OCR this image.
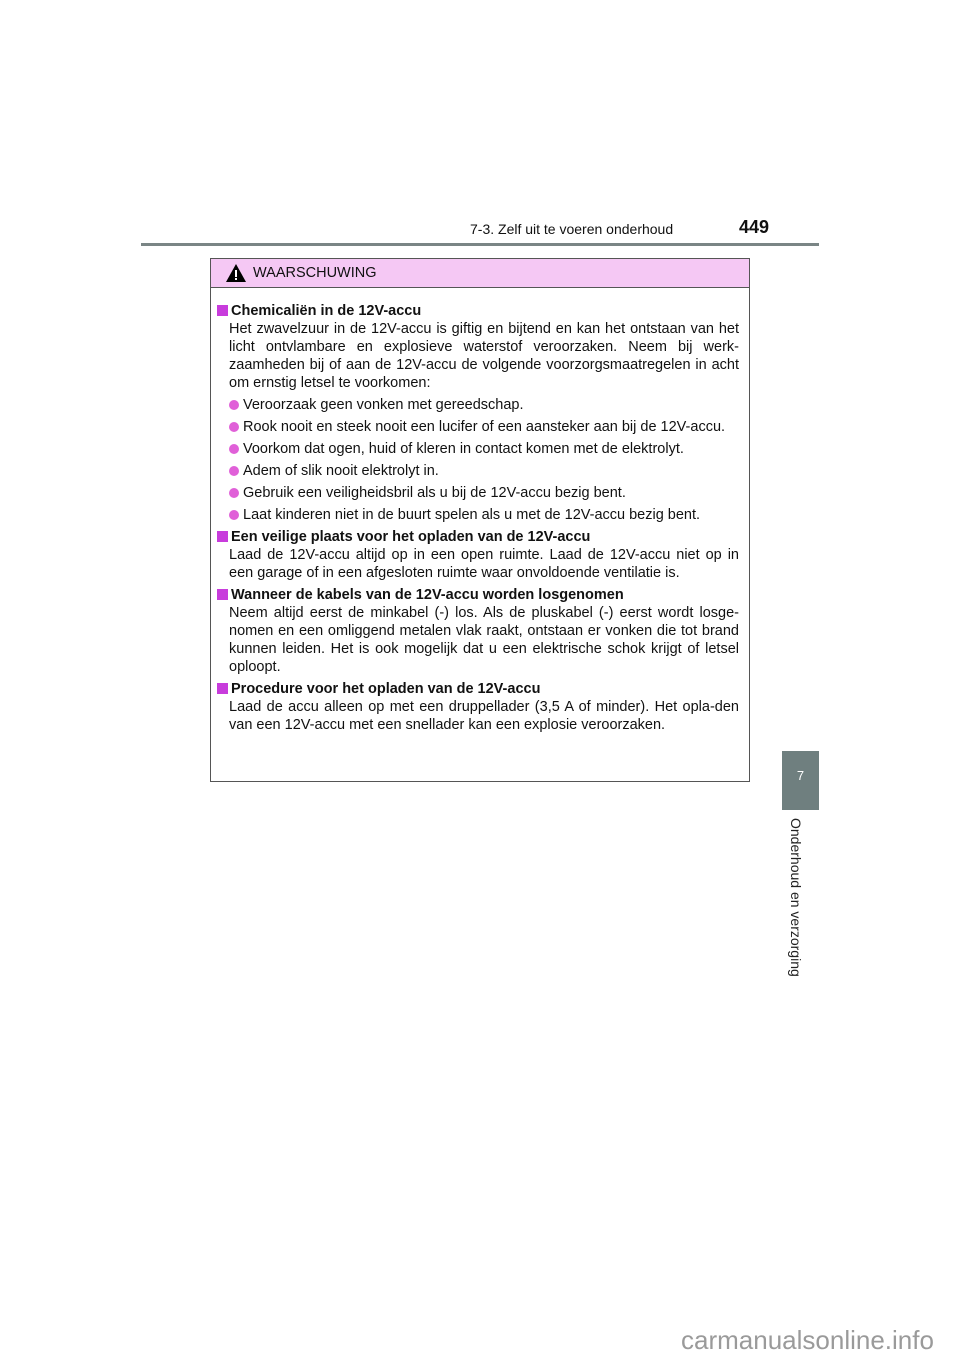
7-3. Zelf uit te voeren onderhoud	449
WAARSCHUWING
Chemicaliën in de 12V-accu
Het zwavelzuur in de 12V-accu is giftig en bijtend en kan het ontstaan van het licht ontvlambare en explosieve waterstof veroorzaken. Neem bij werk-zaamheden bij of aan de 12V-accu de volgende voorzorgsmaatregelen in acht om ernstig letsel te voorkomen:
Veroorzaak geen vonken met gereedschap.
Rook nooit en steek nooit een lucifer of een aansteker aan bij de 12V-accu.
Voorkom dat ogen, huid of kleren in contact komen met de elektrolyt.
Adem of slik nooit elektrolyt in.
Gebruik een veiligheidsbril als u bij de 12V-accu bezig bent.
Laat kinderen niet in de buurt spelen als u met de 12V-accu bezig bent.
Een veilige plaats voor het opladen van de 12V-accu
Laad de 12V-accu altijd op in een open ruimte. Laad de 12V-accu niet op in een garage of in een afgesloten ruimte waar onvoldoende ventilatie is.
Wanneer de kabels van de 12V-accu worden losgenomen
Neem altijd eerst de minkabel (-) los. Als de pluskabel (-) eerst wordt losge-nomen en een omliggend metalen vlak raakt, ontstaan er vonken die tot brand kunnen leiden. Het is ook mogelijk dat u een elektrische schok krijgt of letsel oploopt.
Procedure voor het opladen van de 12V-accu
Laad de accu alleen op met een druppellader (3,5 A of minder). Het opla-den van een 12V-accu met een snellader kan een explosie veroorzaken.
7
Onderhoud en verzorging
carmanualsonline.info
